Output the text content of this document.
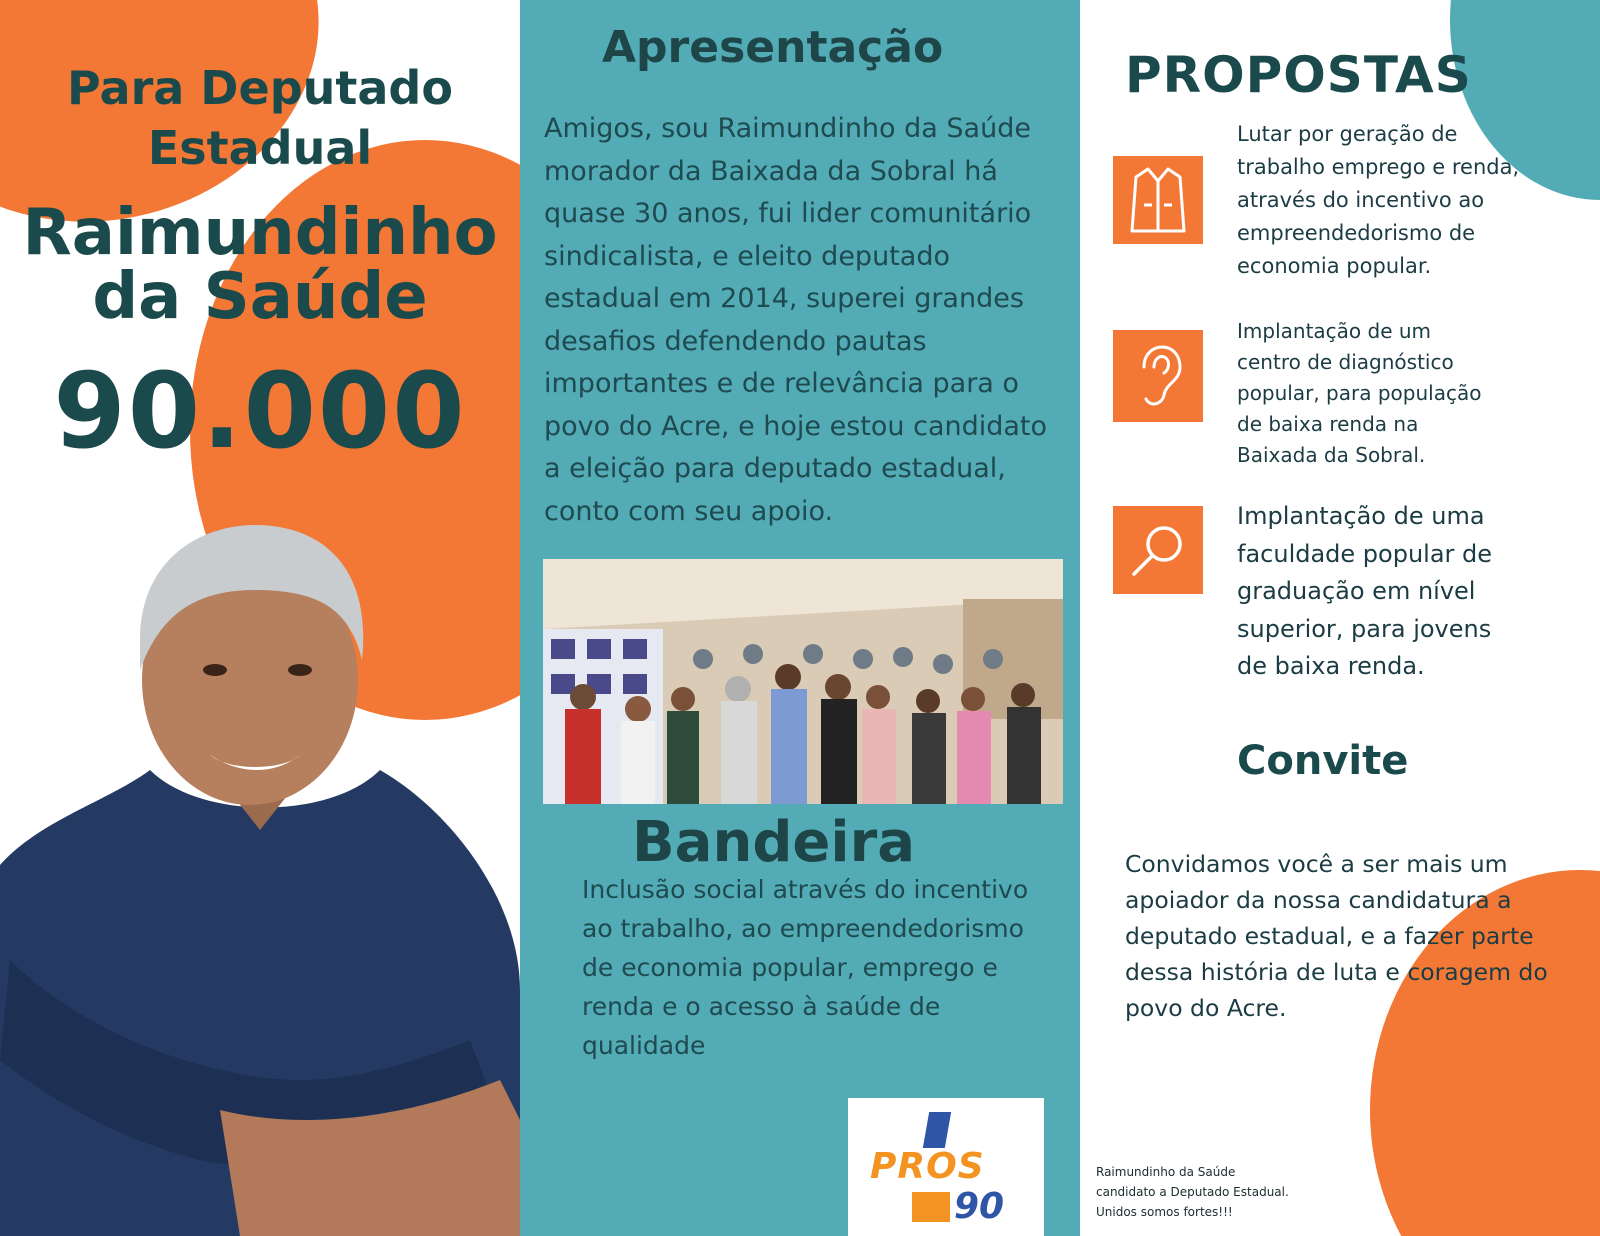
Para Deputado
Estadual
Raimundinho
da Saúde
90.000
Apresentação
Amigos, sou Raimundinho da Saúde
morador da Baixada da Sobral há
quase 30 anos, fui lider comunitário
sindicalista, e eleito deputado
estadual em 2014, superei grandes
desafios defendendo pautas
importantes e de relevância para o
povo do Acre, e hoje estou candidato
a eleição para deputado estadual,
conto com seu apoio.
Bandeira
Inclusão social através do incentivo
ao trabalho, ao empreendedorismo
de economia popular, emprego e
renda e o acesso à saúde de
qualidade
PROS
90
PROPOSTAS
Lutar por geração de
trabalho emprego e renda,
através do incentivo ao
empreendedorismo de
economia popular.
Implantação de um
centro de diagnóstico
popular, para população
de baixa renda na
Baixada da Sobral.
Implantação de uma
faculdade popular de
graduação em nível
superior, para jovens
de baixa renda.
Convite
Convidamos você a ser mais um
apoiador da nossa candidatura a
deputado estadual, e a fazer parte
dessa história de luta e coragem do
povo do Acre.
Raimundinho da Saúde
candidato a Deputado Estadual.
Unidos somos fortes!!!
